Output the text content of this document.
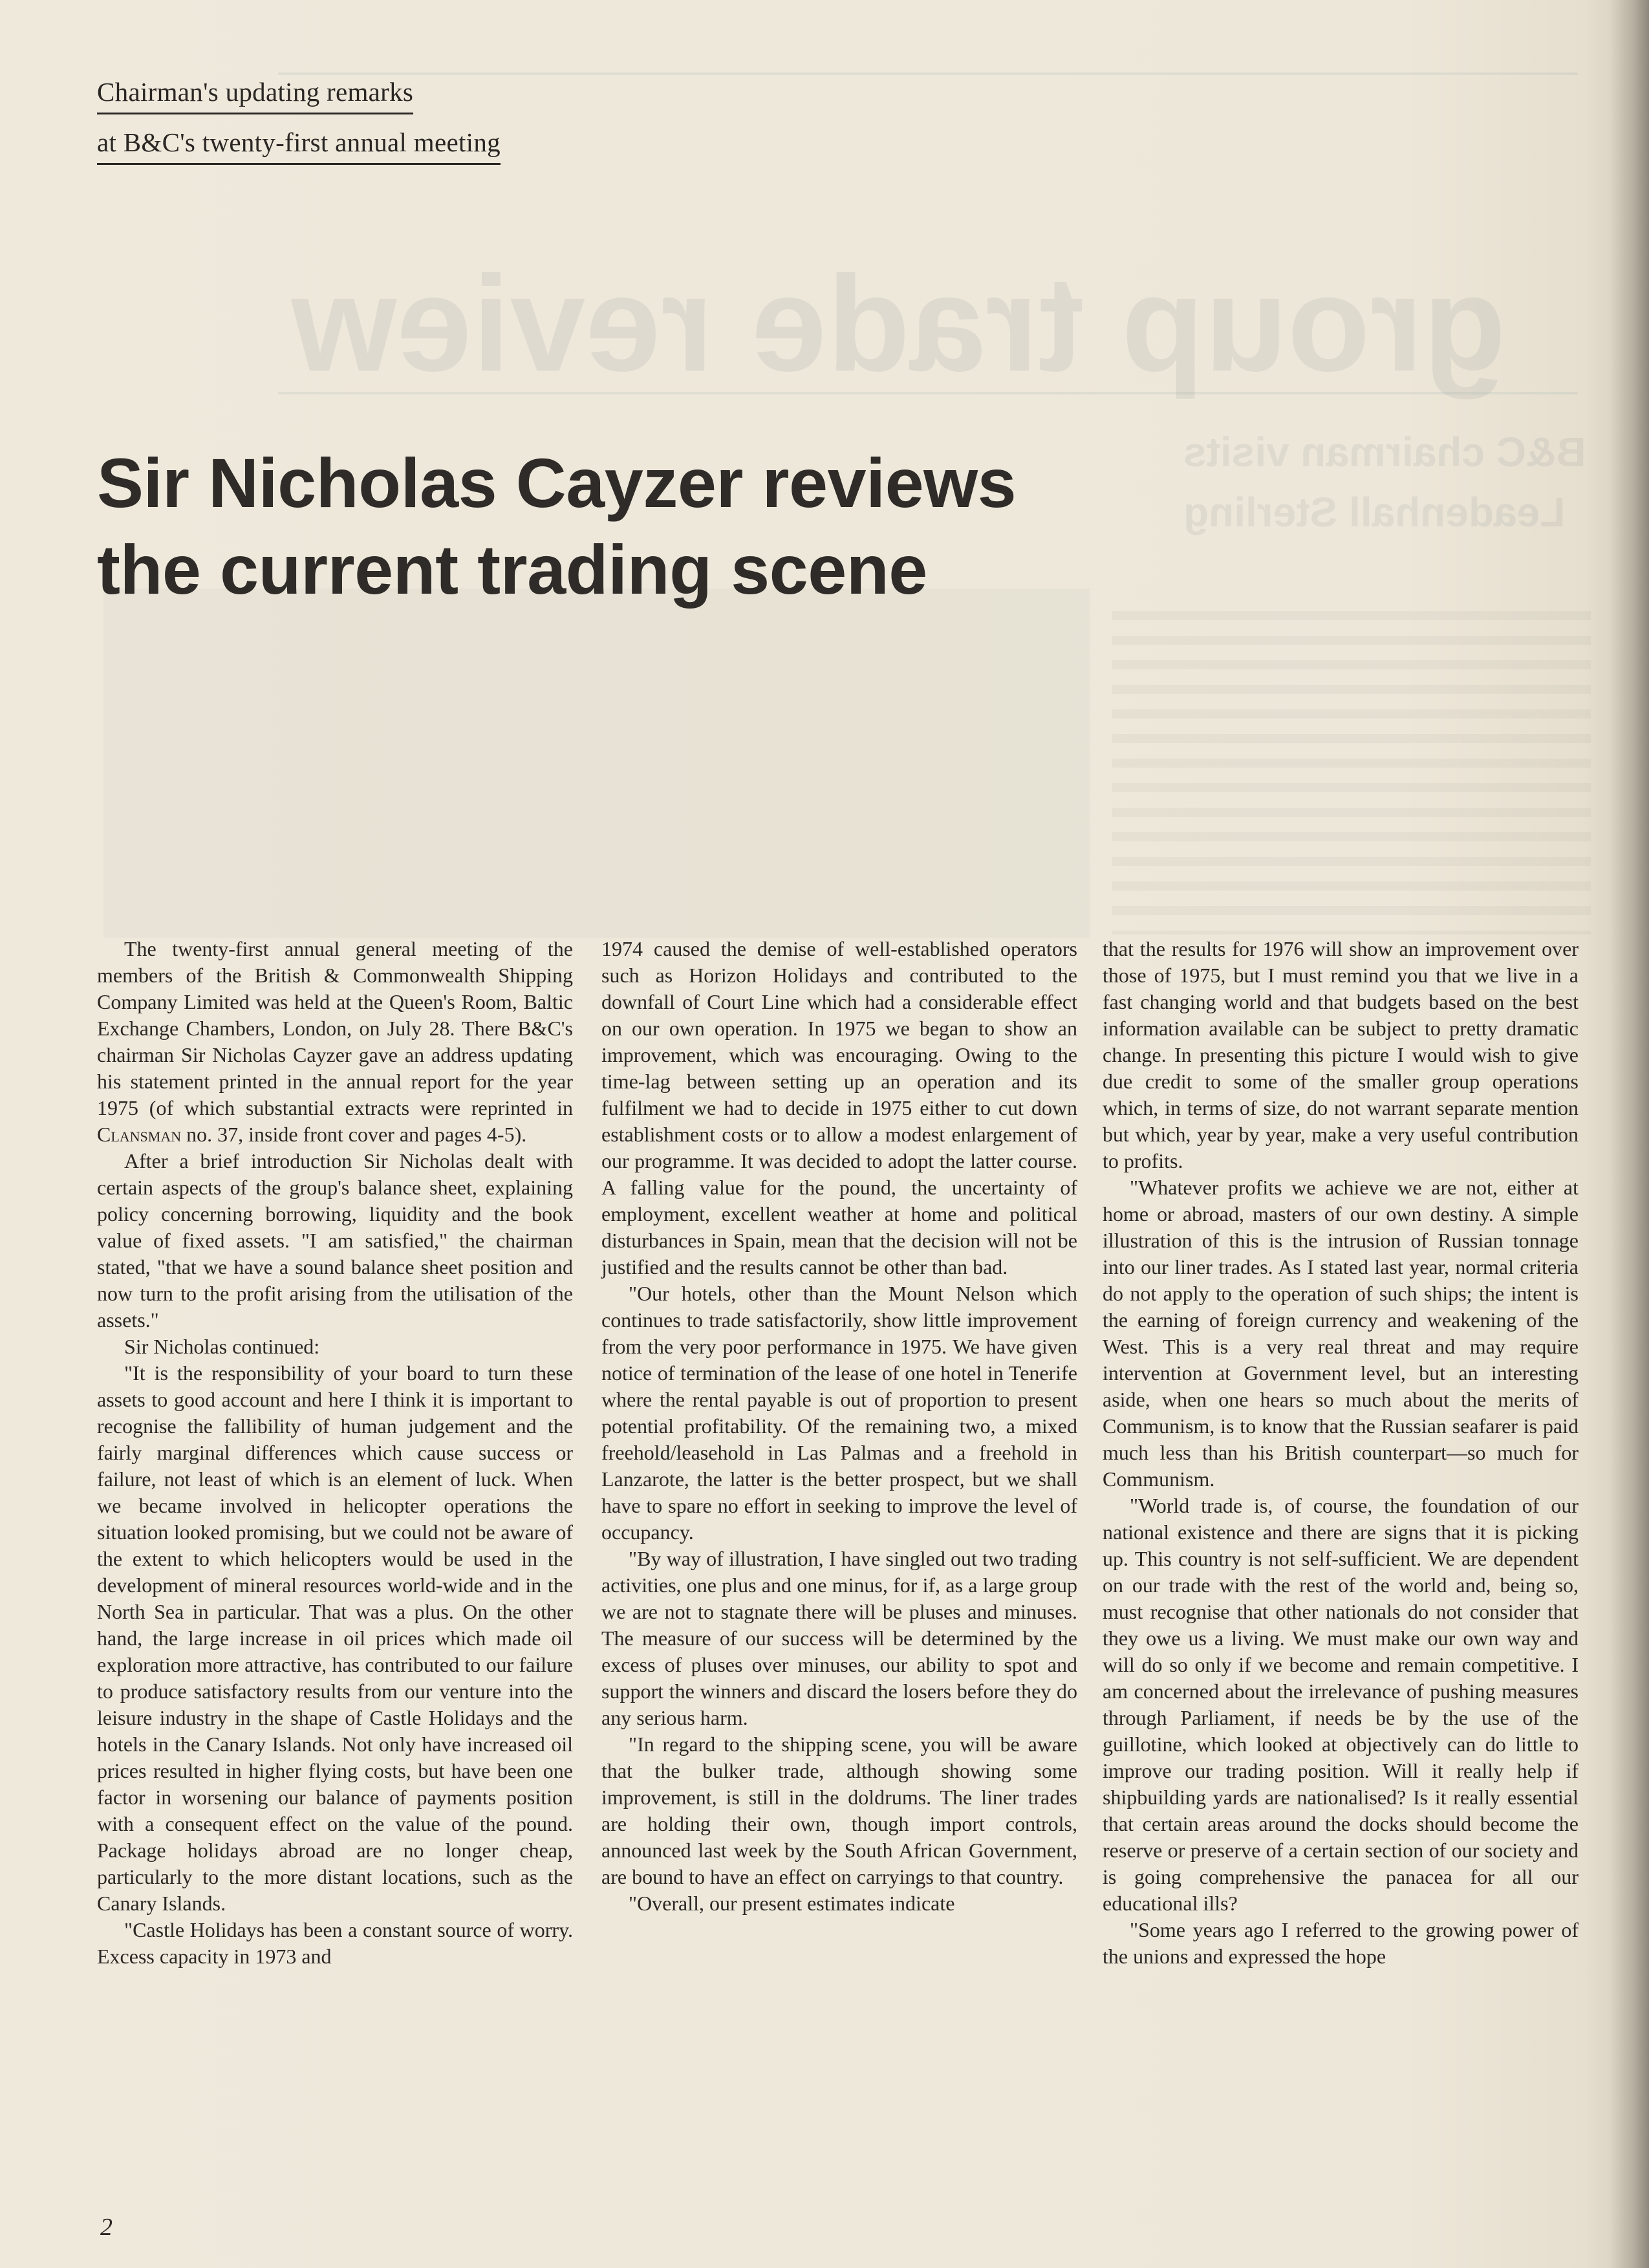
group trade review
B&C chairman visits
Leadenhall Sterling
Chairman's updating remarks
at B&C's twenty-first annual meeting
Sir Nicholas Cayzer reviews
the current trading scene

The twenty-first annual general meeting of the members of the British & Commonwealth Shipping Company Limited was held at the Queen's Room, Baltic Exchange Chambers, London, on July 28. There B&C's chairman Sir Nicholas Cayzer gave an address updating his statement printed in the annual report for the year 1975 (of which substantial extracts were reprinted in Clansman no. 37, inside front cover and pages 4-5).

After a brief introduction Sir Nicholas dealt with certain aspects of the group's balance sheet, explaining policy concerning borrowing, liquidity and the book value of fixed assets. "I am satisfied," the chairman stated, "that we have a sound balance sheet position and now turn to the profit arising from the utilisation of the assets."

Sir Nicholas continued:

"It is the responsibility of your board to turn these assets to good account and here I think it is important to recognise the fallibility of human judgement and the fairly marginal differences which cause success or failure, not least of which is an element of luck. When we became involved in helicopter operations the situation looked promising, but we could not be aware of the extent to which helicopters would be used in the development of mineral resources world-wide and in the North Sea in particular. That was a plus. On the other hand, the large increase in oil prices which made oil exploration more attractive, has contributed to our failure to produce satisfactory results from our venture into the leisure industry in the shape of Castle Holidays and the hotels in the Canary Islands. Not only have increased oil prices resulted in higher flying costs, but have been one factor in worsening our balance of payments position with a consequent effect on the value of the pound. Package holidays abroad are no longer cheap, particularly to the more distant locations, such as the Canary Islands.

"Castle Holidays has been a constant source of worry. Excess capacity in 1973 and

1974 caused the demise of well-established operators such as Horizon Holidays and contributed to the downfall of Court Line which had a considerable effect on our own operation. In 1975 we began to show an improvement, which was encouraging. Owing to the time-lag between setting up an operation and its fulfilment we had to decide in 1975 either to cut down establishment costs or to allow a modest enlargement of our programme. It was decided to adopt the latter course. A falling value for the pound, the uncertainty of employment, excellent weather at home and political disturbances in Spain, mean that the decision will not be justified and the results cannot be other than bad.

"Our hotels, other than the Mount Nelson which continues to trade satisfactorily, show little improvement from the very poor performance in 1975. We have given notice of termination of the lease of one hotel in Tenerife where the rental payable is out of proportion to present potential profitability. Of the remaining two, a mixed freehold/leasehold in Las Palmas and a freehold in Lanzarote, the latter is the better prospect, but we shall have to spare no effort in seeking to improve the level of occupancy.

"By way of illustration, I have singled out two trading activities, one plus and one minus, for if, as a large group we are not to stagnate there will be pluses and minuses. The measure of our success will be determined by the excess of pluses over minuses, our ability to spot and support the winners and discard the losers before they do any serious harm.

"In regard to the shipping scene, you will be aware that the bulker trade, although showing some improvement, is still in the doldrums. The liner trades are holding their own, though import controls, announced last week by the South African Government, are bound to have an effect on carryings to that country.

"Overall, our present estimates indicate

that the results for 1976 will show an improvement over those of 1975, but I must remind you that we live in a fast changing world and that budgets based on the best information available can be subject to pretty dramatic change. In presenting this picture I would wish to give due credit to some of the smaller group operations which, in terms of size, do not warrant separate mention but which, year by year, make a very useful contribution to profits.

"Whatever profits we achieve we are not, either at home or abroad, masters of our own destiny. A simple illustration of this is the intrusion of Russian tonnage into our liner trades. As I stated last year, normal criteria do not apply to the operation of such ships; the intent is the earning of foreign currency and weakening of the West. This is a very real threat and may require intervention at Government level, but an interesting aside, when one hears so much about the merits of Communism, is to know that the Russian seafarer is paid much less than his British counterpart—so much for Communism.

"World trade is, of course, the foundation of our national existence and there are signs that it is picking up. This country is not self-sufficient. We are dependent on our trade with the rest of the world and, being so, must recognise that other nationals do not consider that they owe us a living. We must make our own way and will do so only if we become and remain competitive. I am concerned about the irrelevance of pushing measures through Parliament, if needs be by the use of the guillotine, which looked at objectively can do little to improve our trading position. Will it really help if shipbuilding yards are nationalised? Is it really essential that certain areas around the docks should become the reserve or preserve of a certain section of our society and is going comprehensive the panacea for all our educational ills?

"Some years ago I referred to the growing power of the unions and expressed the hope

2
